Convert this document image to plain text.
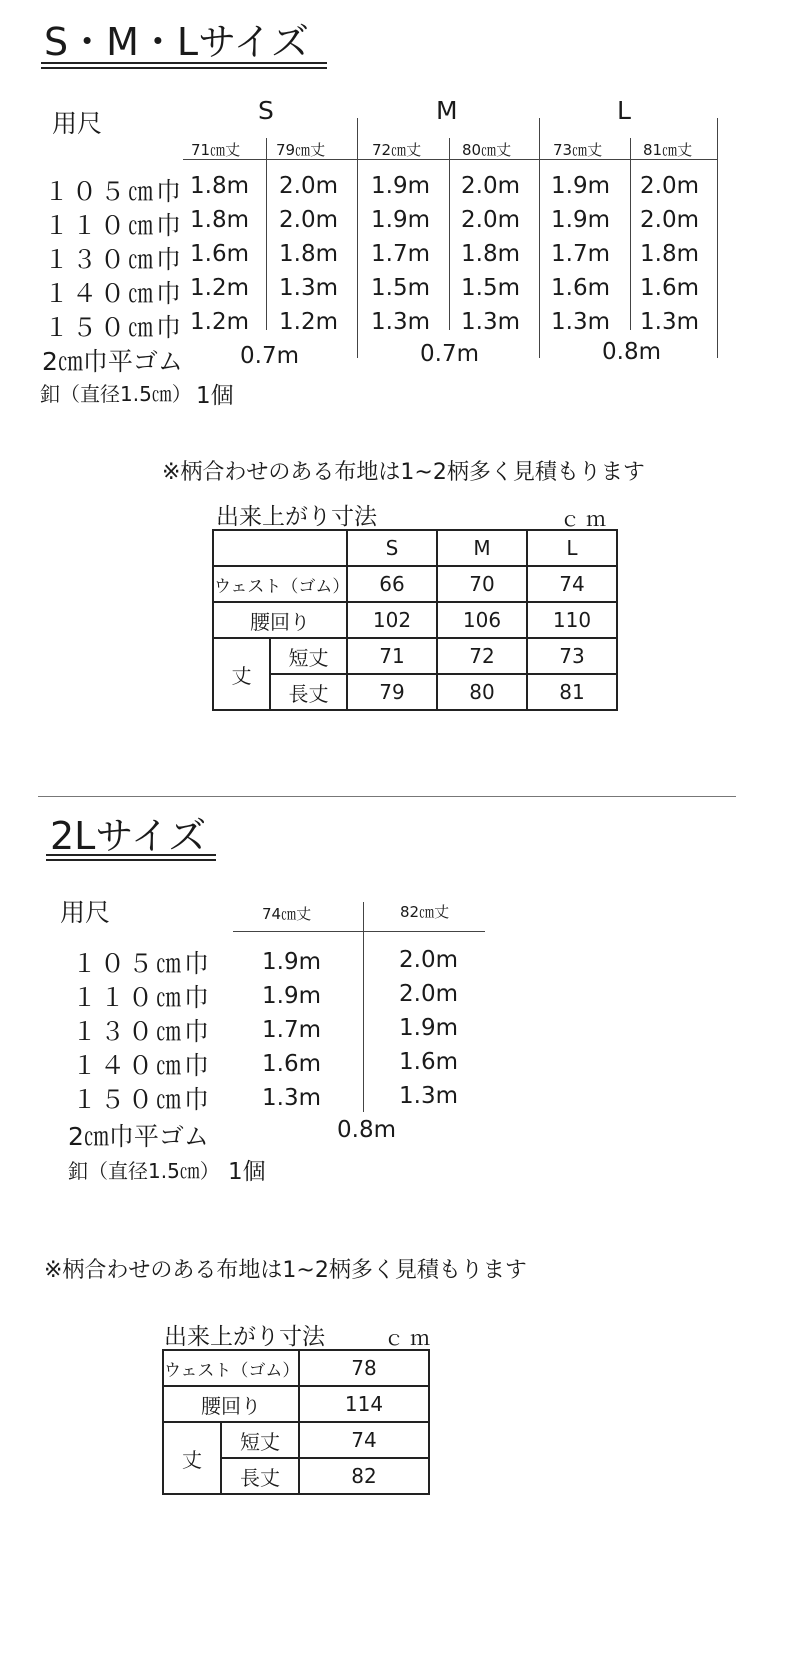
S・M・Lサイズ
用尺	S	M	L
71㎝丈 79㎝丈	72㎝丈	80㎝丈	73㎝丈	81㎝丈
１０５㎝巾 1.8m 2.0m 1.9m 2.0m 1.9m 2.0m
１１０㎝巾 1.8m 2.0m 1.9m 2.0m 1.9m 2.0m
１３０㎝巾 1.6m 1.8m 1.7m 1.8m 1.7m 1.8m
１４０㎝巾 1.2m 1.3m 1.5m 1.5m 1.6m 1.6m
１５０㎝巾 1.2m 1.2m 1.3m 1.3m 1.3m 1.3m
2㎝巾平ゴム 0.7m	0.7m	0.8m
釦（直径1.5㎝） 1個
※柄合わせのある布地は1~2柄多く見積もります
出来上がり寸法	ｃｍ
		S	M	L
ウェスト（ゴム）		66	70	74
腰回り		102	106	110
丈	短丈	71	72	73
	長丈	79	80	81
2Lサイズ
用尺	74㎝丈	82㎝丈
１０５㎝巾 1.9m	2.0m
１１０㎝巾 1.9m	2.0m
１３０㎝巾 1.7m	1.9m
１４０㎝巾 1.6m	1.6m
１５０㎝巾 1.3m	1.3m
2㎝巾平ゴム	0.8m
釦（直径1.5㎝） 1個
※柄合わせのある布地は1~2柄多く見積もります
出来上がり寸法	ｃｍ
ウェスト（ゴム）		78
腰回り		114
丈	短丈	74
	長丈	82
